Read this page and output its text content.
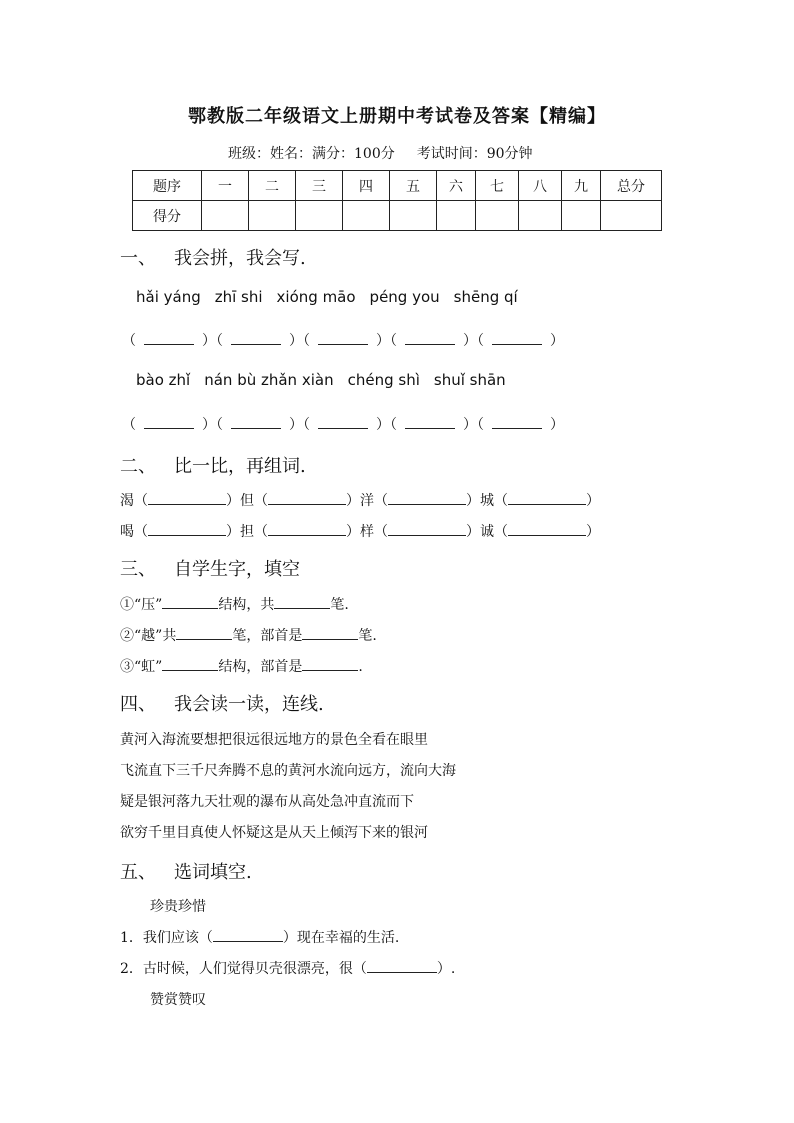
鄂教版二年级语文上册期中考试卷及答案【精编】
班级：姓名：满分：100分 考试时间：90分钟
题序	一	二	三	四	五	六	七	八	九	总分
得分										
一、 我会拼，我会写.
hǎi yáng zhī shi xióng māo péng you shēng qí
（	）（	）（	）（	）（	）
bào zhǐ nán bù zhǎn xiàn chéng shì shuǐ shān
（	）（	）（	）（	）（	）
二、 比一比，再组词.
渴（	）但（	）洋（	）城（	）
喝（	）担（	）样（	）诚（	）
三、 自学生字，填空
①“压”	结构，共	笔.
②“越”共	笔，部首是	笔.
③“虹”	结构，部首是	.
四、 我会读一读，连线.
黄河入海流要想把很远很远地方的景色全看在眼里
飞流直下三千尺奔腾不息的黄河水流向远方，流向大海
疑是银河落九天壮观的瀑布从高处急冲直流而下
欲穷千里目真使人怀疑这是从天上倾泻下来的银河
五、 选词填空.
珍贵珍惜
1．我们应该（	）现在幸福的生活.
2．古时候，人们觉得贝壳很漂亮，很（	）.
赞赏赞叹
